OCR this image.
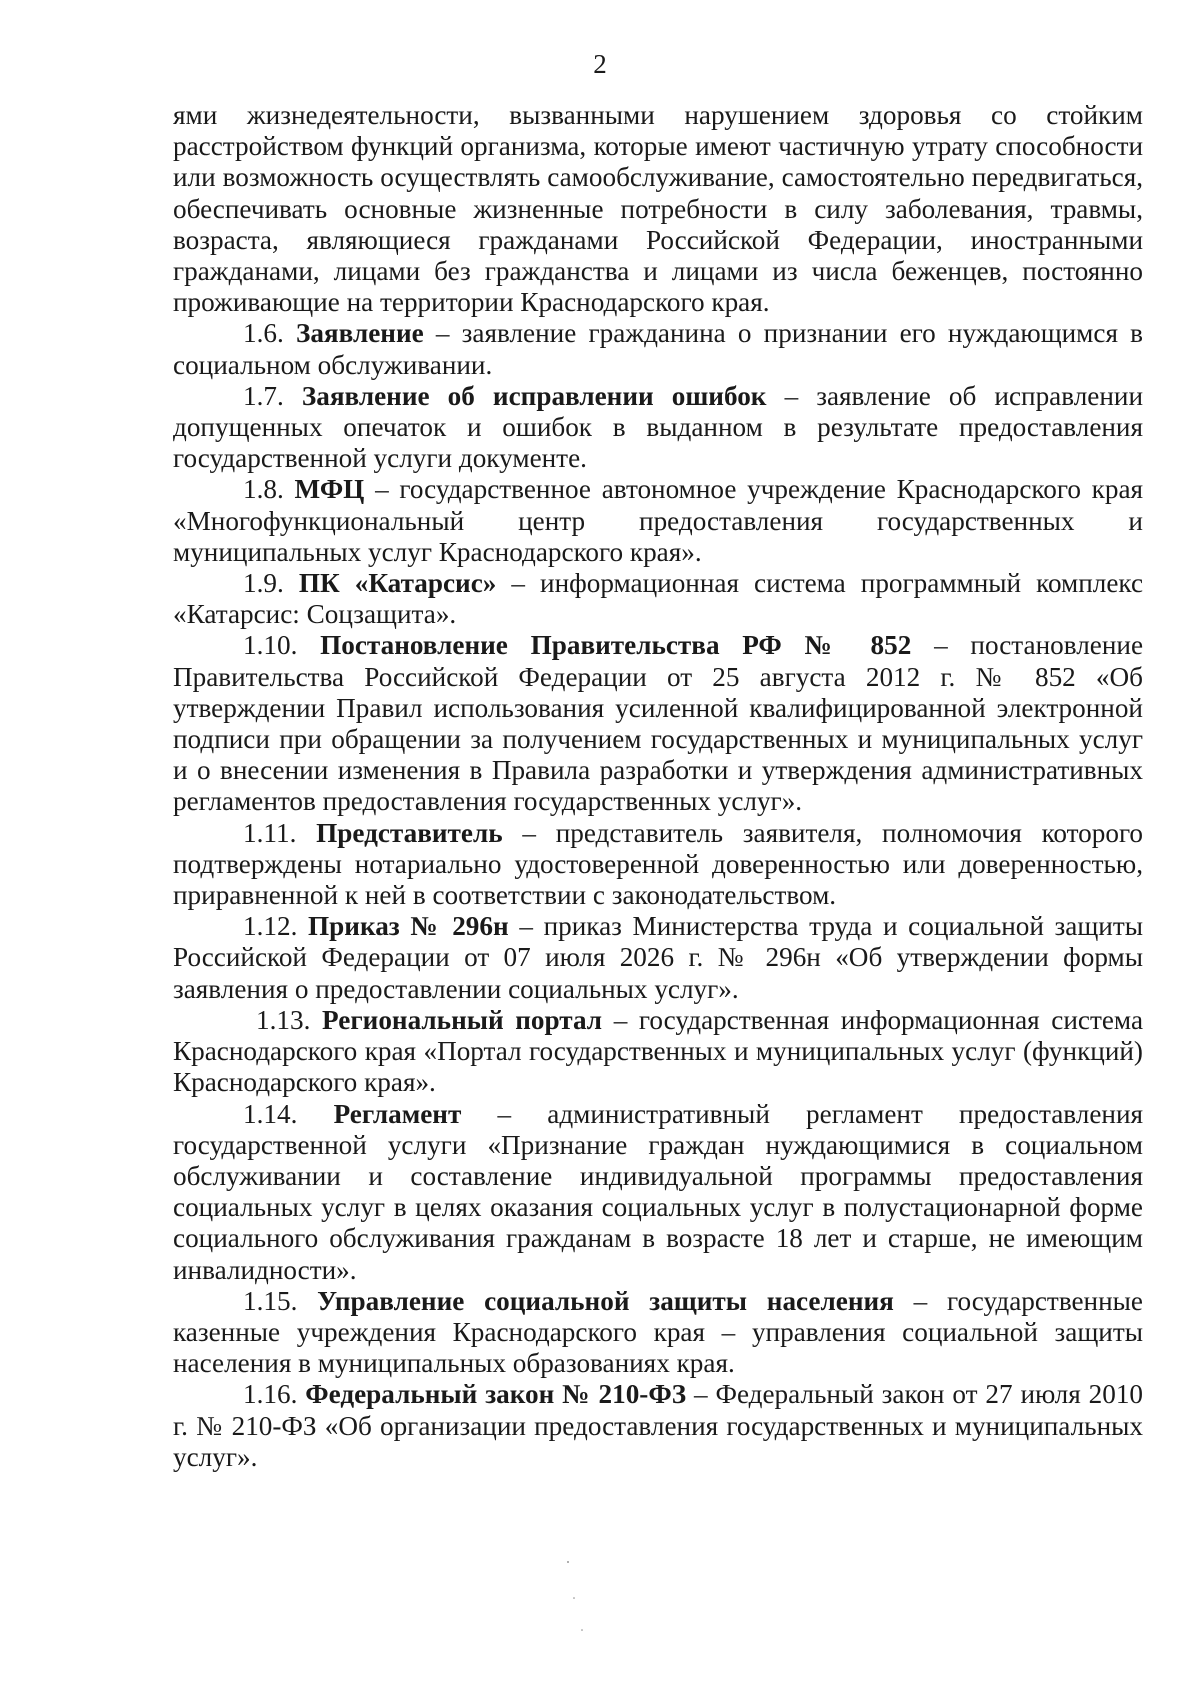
2

ями жизнедеятельности, вызванными нарушением здоровья со стойким расстройством функций организма, которые имеют частичную утрату способности или возможность осуществлять самообслуживание, самостоятельно передвигаться, обеспечивать основные жизненные потребности в силу заболевания, травмы, возраста, являющиеся гражданами Российской Федерации, иностранными гражданами, лицами без гражданства и лицами из числа беженцев, постоянно проживающие на территории Краснодарского края.

1.6. Заявление – заявление гражданина о признании его нуждающимся в социальном обслуживании.

1.7. Заявление об исправлении ошибок – заявление об исправлении допущенных опечаток и ошибок в выданном в результате предоставления государственной услуги документе.

1.8. МФЦ – государственное автономное учреждение Краснодарского края «Многофункциональный центр предоставления государственных и муниципальных услуг Краснодарского края».

1.9. ПК «Катарсис» – информационная система программный комплекс «Катарсис: Соцзащита».

1.10. Постановление Правительства РФ № 852 – постановление Правительства Российской Федерации от 25 августа 2012 г. № 852 «Об утверждении Правил использования усиленной квалифицированной электронной подписи при обращении за получением государственных и муниципальных услуг и о внесении изменения в Правила разработки и утверждения административных регламентов предоставления государственных услуг».

1.11. Представитель – представитель заявителя, полномочия которого подтверждены нотариально удостоверенной доверенностью или доверенностью, приравненной к ней в соответствии с законодательством.

1.12. Приказ № 296н – приказ Министерства труда и социальной защиты Российской Федерации от 07 июля 2026 г. № 296н «Об утверждении формы заявления о предоставлении социальных услуг».

1.13. Региональный портал – государственная информационная система Краснодарского края «Портал государственных и муниципальных услуг (функций) Краснодарского края».

1.14. Регламент – административный регламент предоставления государственной услуги «Признание граждан нуждающимися в социальном обслуживании и составление индивидуальной программы предоставления социальных услуг в целях оказания социальных услуг в полустационарной форме социального обслуживания гражданам в возрасте 18 лет и старше, не имеющим инвалидности».

1.15. Управление социальной защиты населения – государственные казенные учреждения Краснодарского края – управления социальной защиты населения в муниципальных образованиях края.

1.16. Федеральный закон № 210-ФЗ – Федеральный закон от 27 июля 2010 г. № 210-ФЗ «Об организации предоставления государственных и муниципальных услуг».
